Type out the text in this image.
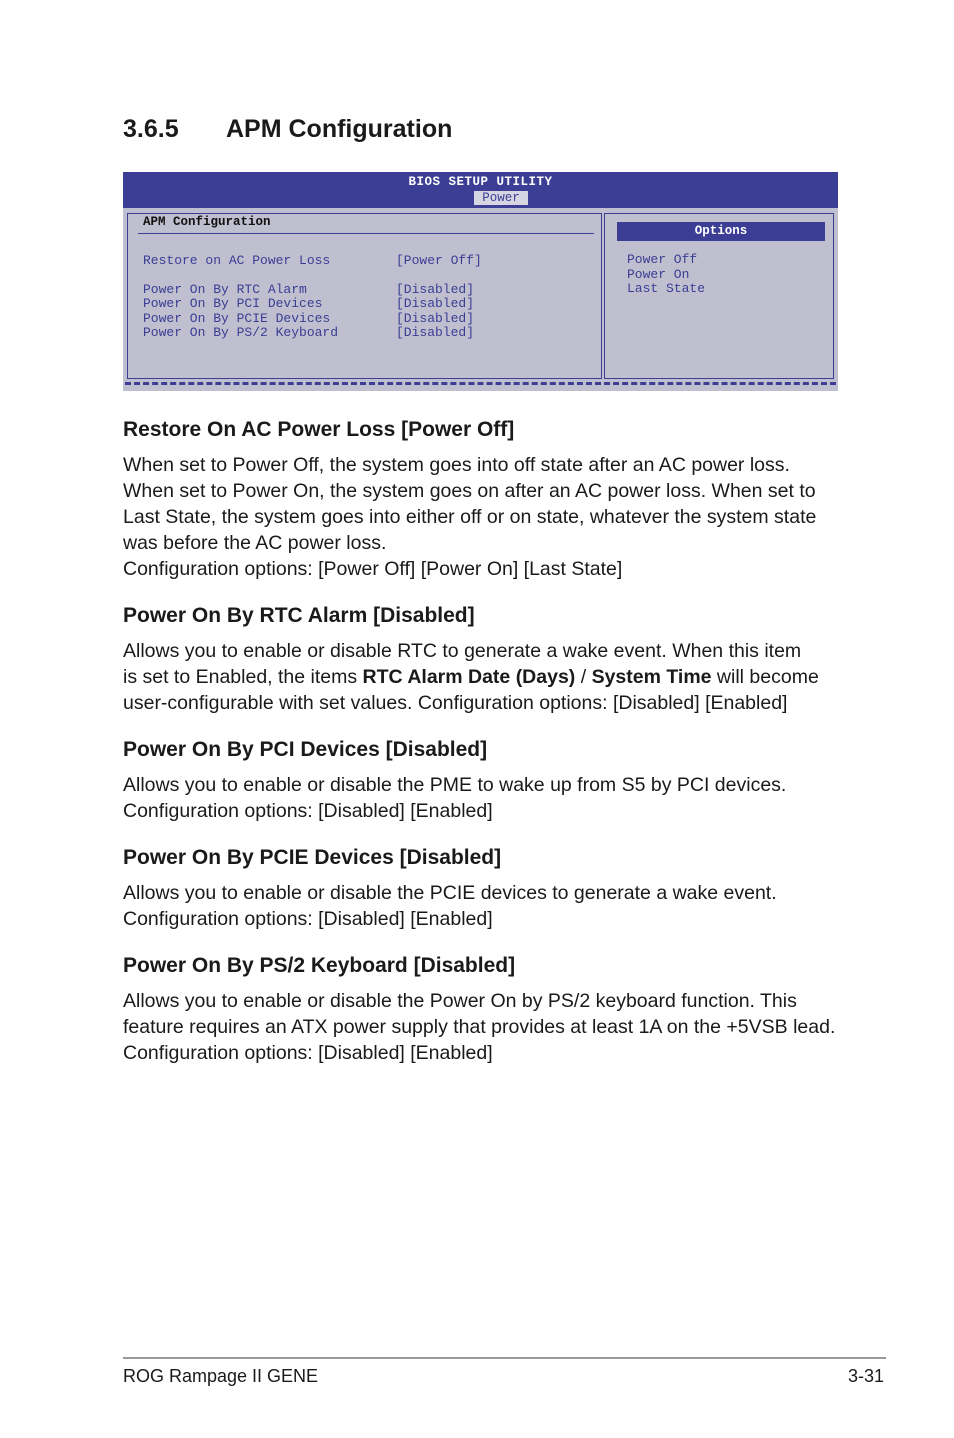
3.6.5 APM Configuration
BIOS SETUP UTILITY
Power
APM Configuration
Restore on AC Power Loss	[Power Off]
Power On By RTC Alarm	[Disabled]
Power On By PCI Devices	[Disabled]
Power On By PCIE Devices	[Disabled]
Power On By PS/2 Keyboard	[Disabled]
Options
Power Off
Power On
Last State
Restore On AC Power Loss [Power Off]

When set to Power Off, the system goes into off state after an AC power loss.
When set to Power On, the system goes on after an AC power loss. When set to
Last State, the system goes into either off or on state, whatever the system state
was before the AC power loss.
Configuration options: [Power Off] [Power On] [Last State]

Power On By RTC Alarm [Disabled]

Allows you to enable or disable RTC to generate a wake event. When this item
is set to Enabled, the items RTC Alarm Date (Days) / System Time will become
user-configurable with set values. Configuration options: [Disabled] [Enabled]

Power On By PCI Devices [Disabled]

Allows you to enable or disable the PME to wake up from S5 by PCI devices.
Configuration options: [Disabled] [Enabled]

Power On By PCIE Devices [Disabled]

Allows you to enable or disable the PCIE devices to generate a wake event.
Configuration options: [Disabled] [Enabled]

Power On By PS/2 Keyboard [Disabled]

Allows you to enable or disable the Power On by PS/2 keyboard function. This
feature requires an ATX power supply that provides at least 1A on the +5VSB lead.
Configuration options: [Disabled] [Enabled]

ROG Rampage II GENE	3-31
